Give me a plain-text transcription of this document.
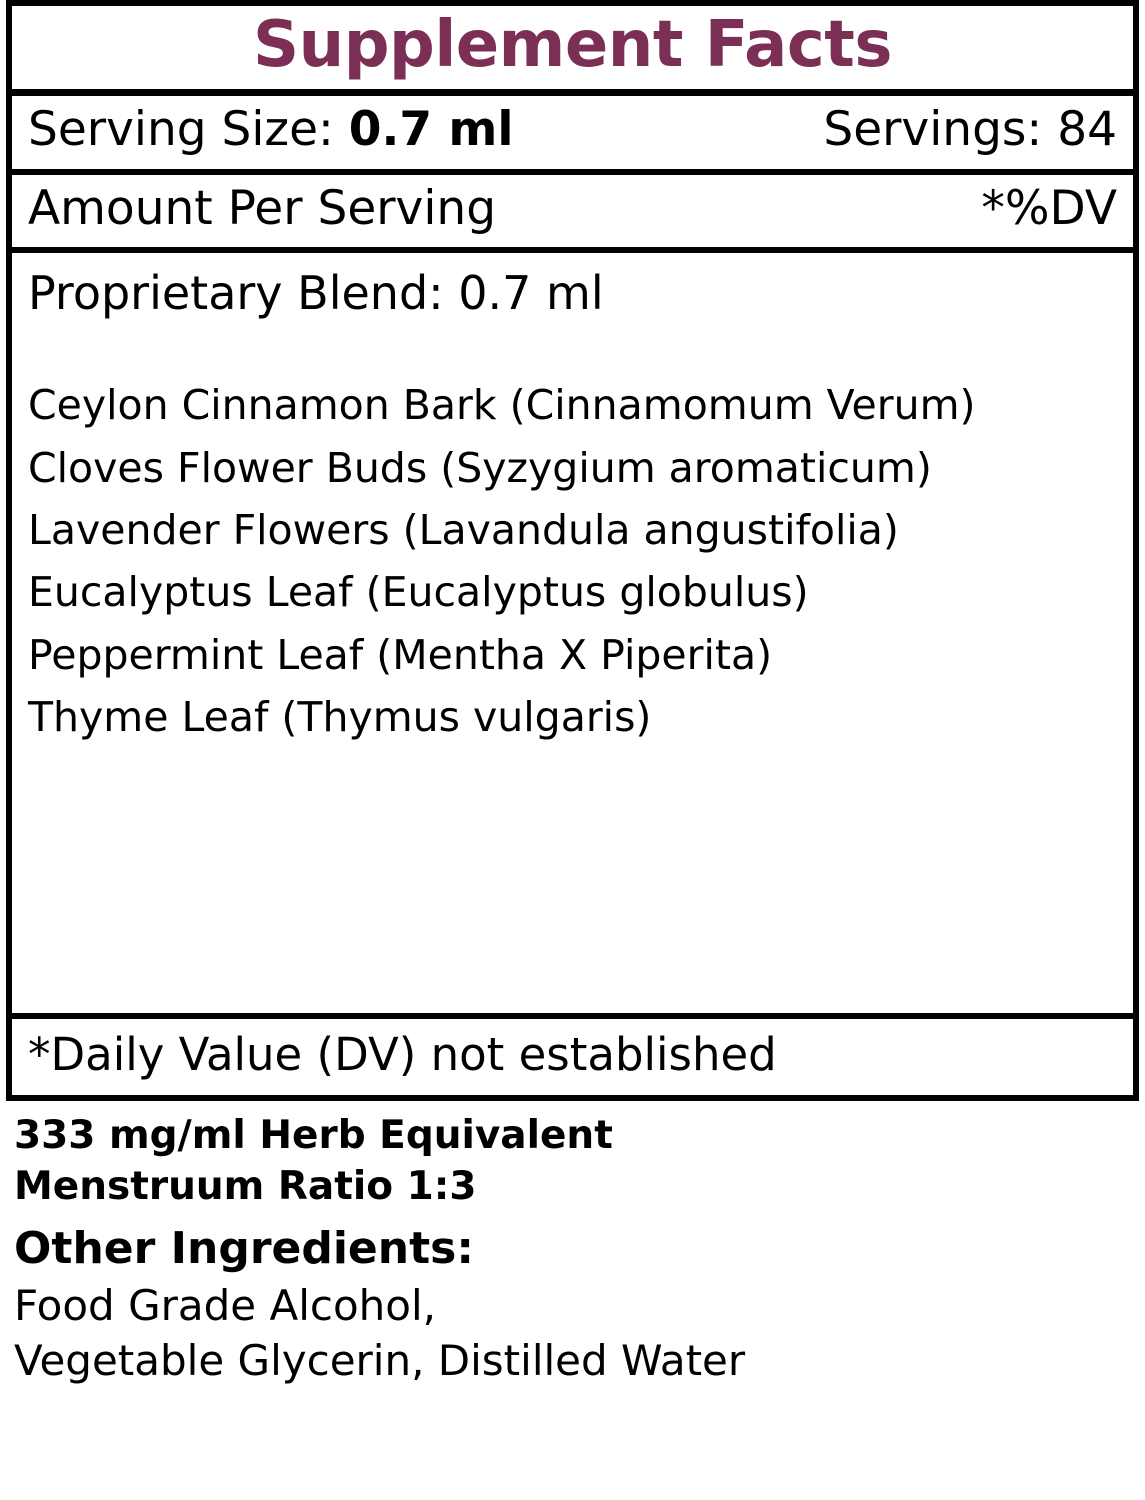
Supplement Facts
Serving Size: 0.7 ml	Servings: 84
Amount Per Serving	*%DV
Proprietary Blend: 0.7 ml
Ceylon Cinnamon Bark (Cinnamomum Verum)
Cloves Flower Buds (Syzygium aromaticum)
Lavender Flowers (Lavandula angustifolia)
Eucalyptus Leaf (Eucalyptus globulus)
Peppermint Leaf (Mentha X Piperita)
Thyme Leaf (Thymus vulgaris)
*Daily Value (DV) not established
333 mg/ml Herb Equivalent
Menstruum Ratio 1:3
Other Ingredients:
Food Grade Alcohol,
Vegetable Glycerin, Distilled Water
